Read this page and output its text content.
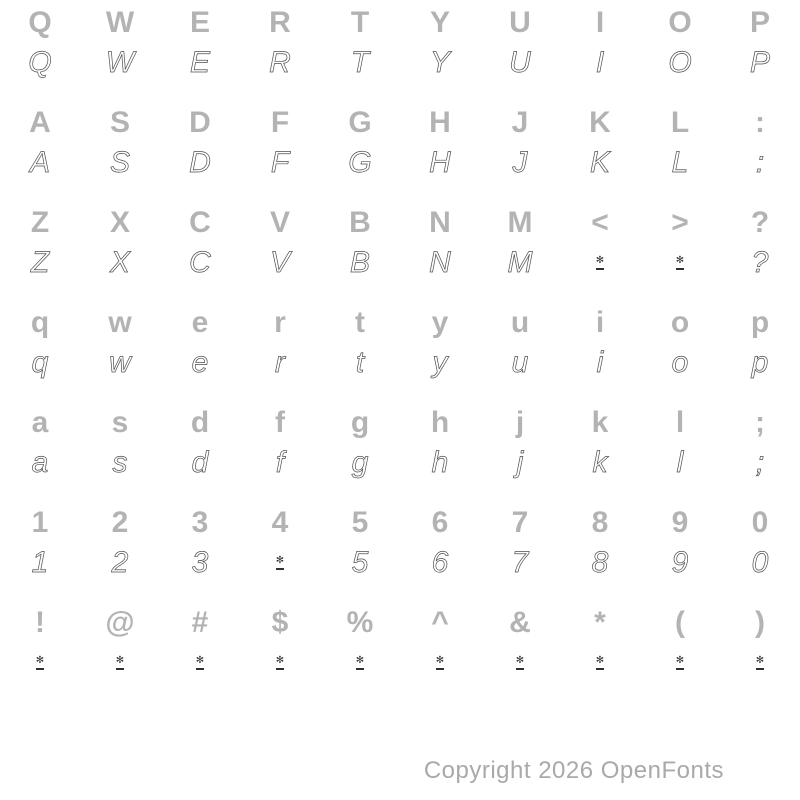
Q	W	E	R	T	Y	U	I	O	P
Q	W	E	R	T	Y	U	I	O	P
A	S	D	F	G	H	J	K	L	:
A	S	D	F	G	H	J	K	L	:
Z	X	C	V	B	N	M	<	>	?
Z	X	C	V	B	N	M	✻	✻	?
q	w	e	r	t	y	u	i	o	p
q	w	e	r	t	y	u	i	o	p
a	s	d	f	g	h	j	k	l	;
a	s	d	f	g	h	j	k	l	;
1	2	3	4	5	6	7	8	9	0
1	2	3	✻	5	6	7	8	9	0
!	@	#	$	%	^	&	*	(	)
✻	✻	✻	✻	✻	✻	✻	✻	✻	✻
Copyright 2026 OpenFonts
